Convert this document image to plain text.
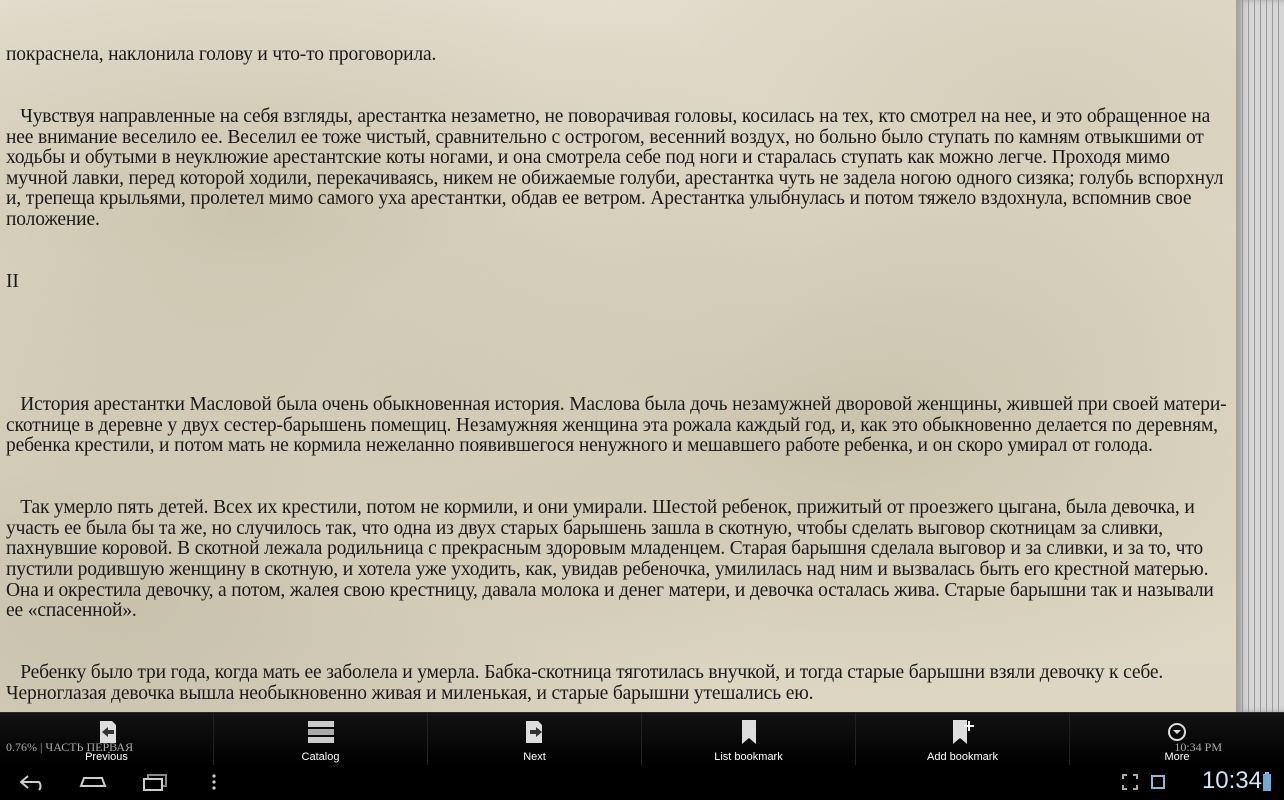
покраснела, наклонила голову и что-то проговорила.

Чувствуя направленные на себя взгляды, арестантка незаметно, не поворачивая головы, косилась на тех, кто смотрел на нее, и это обращенное на нее внимание веселило ее. Веселил ее тоже чистый, сравнительно с острогом, весенний воздух, но больно было ступать по камням отвыкшими от ходьбы и обутыми в неуклюжие арестантские коты ногами, и она смотрела себе под ноги и старалась ступать как можно легче. Проходя мимо мучной лавки, перед которой ходили, перекачиваясь, никем не обижаемые голуби, арестантка чуть не задела ногою одного сизяка; голубь вспорхнул и, трепеща крыльями, пролетел мимо самого уха арестантки, обдав ее ветром. Арестантка улыбнулась и потом тяжело вздохнула, вспомнив свое положение.

II

История арестантки Масловой была очень обыкновенная история. Маслова была дочь незамужней дворовой женщины, жившей при своей матери-скотнице в деревне у двух сестер-барышень помещиц. Незамужняя женщина эта рожала каждый год, и, как это обыкновенно делается по деревням, ребенка крестили, и потом мать не кормила нежеланно появившегося ненужного и мешавшего работе ребенка, и он скоро умирал от голода.

Так умерло пять детей. Всех их крестили, потом не кормили, и они умирали. Шестой ребенок, прижитый от проезжего цыгана, была девочка, и участь ее была бы та же, но случилось так, что одна из двух старых барышень зашла в скотную, чтобы сделать выговор скотницам за сливки, пахнувшие коровой. В скотной лежала родильница с прекрасным здоровым младенцем. Старая барышня сделала выговор и за сливки, и за то, что пустили родившую женщину в скотную, и хотела уже уходить, как, увидав ребеночка, умилилась над ним и вызвалась быть его крестной матерью. Она и окрестила девочку, а потом, жалея свою крестницу, давала молока и денег матери, и девочка осталась жива. Старые барышни так и называли ее «спасенной».

Ребенку было три года, когда мать ее заболела и умерла. Бабка-скотница тяготилась внучкой, и тогда старые барышни взяли девочку к себе. Черноглазая девочка вышла необыкновенно живая и миленькая, и старые барышни утешались ею.

Previous	Catalog	Next	List bookmark	Add bookmark	More
0.76% | ЧАСТЬ ПЕРВАЯ	10:34 PM
10:34
